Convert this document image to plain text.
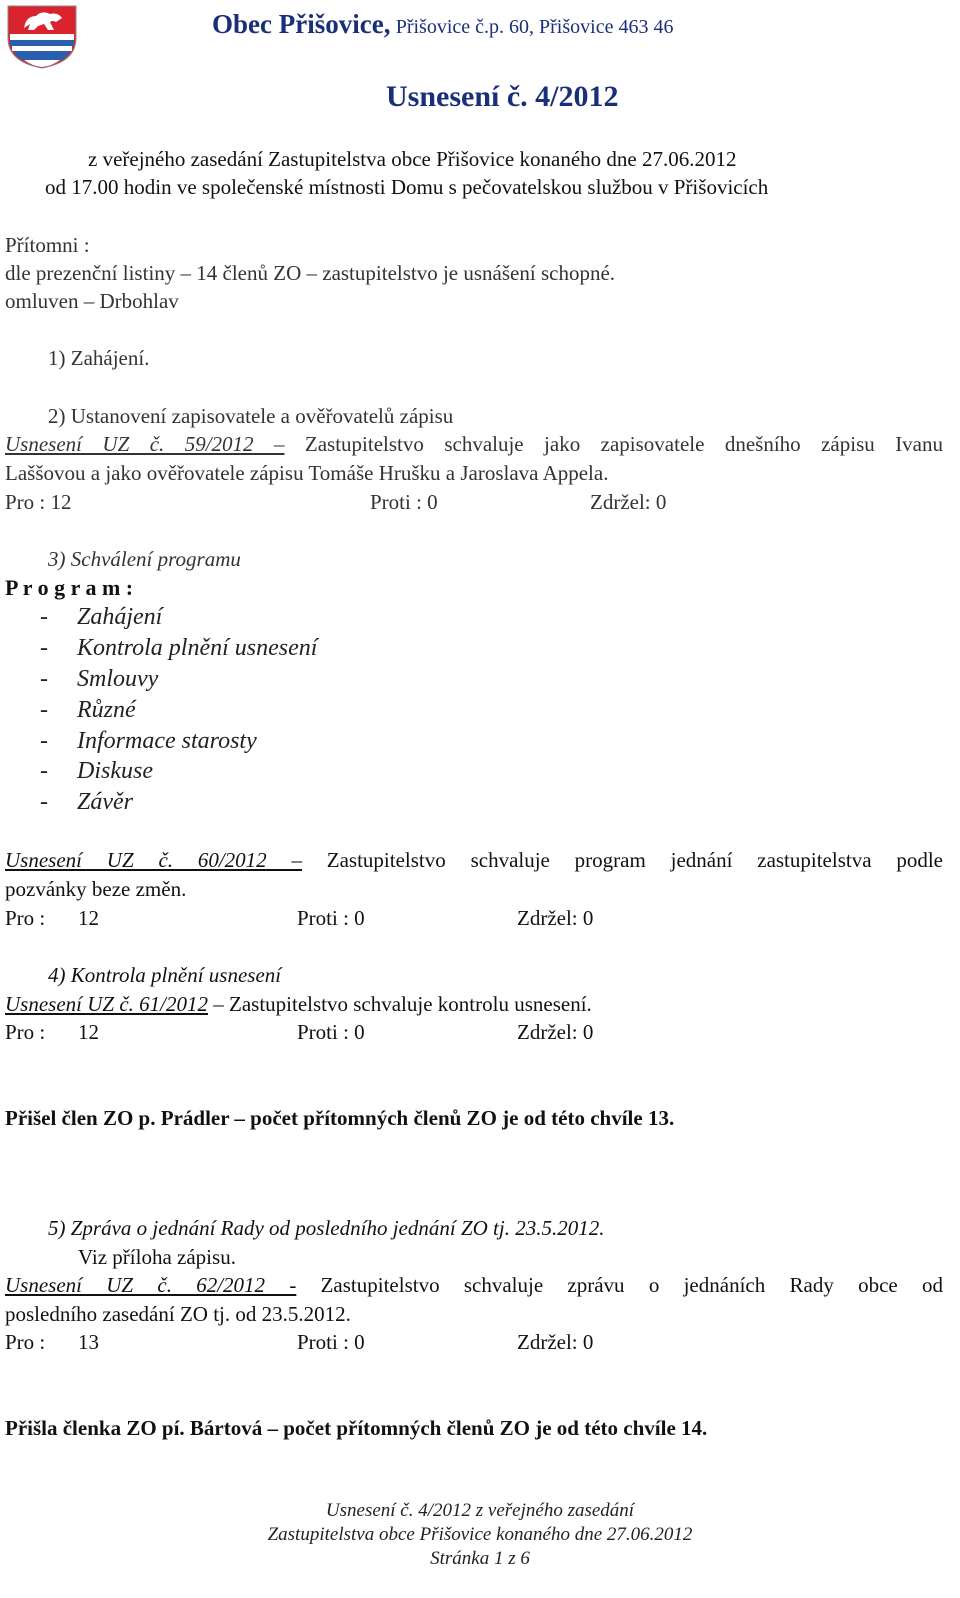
Obec Přišovice, Přišovice č.p. 60, Přišovice 463 46
Usnesení č. 4/2012
z veřejného zasedání Zastupitelstva obce Přišovice konaného dne 27.06.2012
od 17.00 hodin ve společenské místnosti Domu s pečovatelskou službou v Přišovicích
Přítomni :
dle prezenční listiny – 14 členů ZO – zastupitelstvo je usnášení schopné.
omluven – Drbohlav
1) Zahájení.
2) Ustanovení zapisovatele a ověřovatelů zápisu
Usnesení UZ č. 59/2012 – Zastupitelstvo schvaluje jako zapisovatele dnešního zápisu Ivanu
Laššovou a jako ověřovatele zápisu Tomáše Hrušku a Jaroslava Appela.
Pro : 12	Proti : 0	Zdržel: 0
3) Schválení programu
P r o g r a m :
- Zahájení
- Kontrola plnění usnesení
- Smlouvy
- Různé
- Informace starosty
- Diskuse
- Závěr
Usnesení UZ č. 60/2012 – Zastupitelstvo schvaluje program jednání zastupitelstva podle
pozvánky beze změn.
Pro : 12	Proti : 0	Zdržel: 0
4) Kontrola plnění usnesení
Usnesení UZ č. 61/2012 – Zastupitelstvo schvaluje kontrolu usnesení.
Pro : 12	Proti : 0	Zdržel: 0
Přišel člen ZO p. Prádler – počet přítomných členů ZO je od této chvíle 13.
5) Zpráva o jednání Rady od posledního jednání ZO tj. 23.5.2012.
Viz příloha zápisu.
Usnesení UZ č. 62/2012 - Zastupitelstvo schvaluje zprávu o jednáních Rady obce od
posledního zasedání ZO tj. od 23.5.2012.
Pro : 13	Proti : 0	Zdržel: 0
Přišla členka ZO pí. Bártová – počet přítomných členů ZO je od této chvíle 14.
Usnesení č. 4/2012 z veřejného zasedání
Zastupitelstva obce Přišovice konaného dne 27.06.2012
Stránka 1 z 6
